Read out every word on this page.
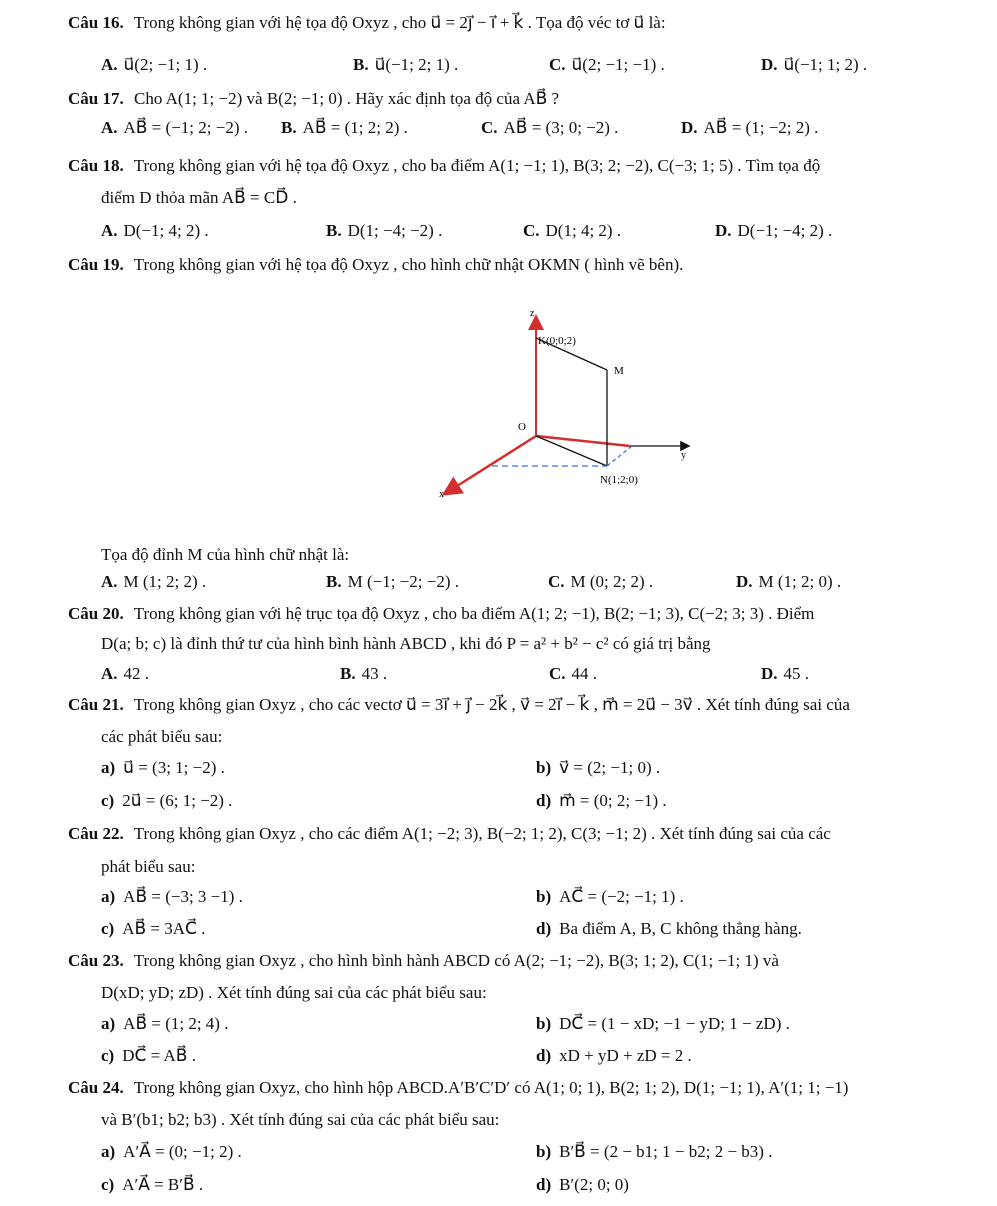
Câu 16. Trong không gian với hệ tọa độ Oxyz , cho u⃗ = 2j⃗ − i⃗ + k⃗ . Tọa độ véc tơ u⃗ là:
A. u⃗(2; −1; 1) .	B. u⃗(−1; 2; 1) .	C. u⃗(2; −1; −1) .	D. u⃗(−1; 1; 2) .
Câu 17. Cho A(1; 1; −2) và B(2; −1; 0) . Hãy xác định tọa độ của AB⃗ ?
A. AB⃗ = (−1; 2; −2) . B. AB⃗ = (1; 2; 2) .	C. AB⃗ = (3; 0; −2) .	D. AB⃗ = (1; −2; 2) .
Câu 18. Trong không gian với hệ tọa độ Oxyz , cho ba điểm A(1; −1; 1), B(3; 2; −2), C(−3; 1; 5) . Tìm tọa độ
điểm D thỏa mãn AB⃗ = CD⃗ .
A. D(−1; 4; 2) .	B. D(1; −4; −2) .	C. D(1; 4; 2) .	D. D(−1; −4; 2) .
Câu 19. Trong không gian với hệ tọa độ Oxyz , cho hình chữ nhật OKMN ( hình vẽ bên).
z
K(0;0;2)
M
O
y
N(1;2;0)
x
Tọa độ đỉnh M của hình chữ nhật là:
A. M (1; 2; 2) .	B. M (−1; −2; −2) .	C. M (0; 2; 2) .	D. M (1; 2; 0) .
Câu 20. Trong không gian với hệ trục tọa độ Oxyz , cho ba điểm A(1; 2; −1), B(2; −1; 3), C(−2; 3; 3) . Điểm
D(a; b; c) là đỉnh thứ tư của hình bình hành ABCD , khi đó P = a² + b² − c² có giá trị bằng
A. 42 .	B. 43 .	C. 44 .	D. 45 .
Câu 21. Trong không gian Oxyz , cho các vectơ u⃗ = 3i⃗ + j⃗ − 2k⃗ , v⃗ = 2i⃗ − k⃗ , m⃗ = 2u⃗ − 3v⃗ . Xét tính đúng sai của
các phát biểu sau:
a) u⃗ = (3; 1; −2) .	b) v⃗ = (2; −1; 0) .
c) 2u⃗ = (6; 1; −2) .	d) m⃗ = (0; 2; −1) .
Câu 22. Trong không gian Oxyz , cho các điểm A(1; −2; 3), B(−2; 1; 2), C(3; −1; 2) . Xét tính đúng sai của các
phát biểu sau:
a) AB⃗ = (−3; 3 −1) .	b) AC⃗ = (−2; −1; 1) .
c) AB⃗ = 3AC⃗ .	d) Ba điểm A, B, C không thẳng hàng.
Câu 23. Trong không gian Oxyz , cho hình bình hành ABCD có A(2; −1; −2), B(3; 1; 2), C(1; −1; 1) và
D(xD; yD; zD) . Xét tính đúng sai của các phát biểu sau:
a) AB⃗ = (1; 2; 4) .	b) DC⃗ = (1 − xD; −1 − yD; 1 − zD) .
c) DC⃗ = AB⃗ .	d) xD + yD + zD = 2 .
Câu 24. Trong không gian Oxyz, cho hình hộp ABCD.A′B′C′D′ có A(1; 0; 1), B(2; 1; 2), D(1; −1; 1), A′(1; 1; −1)
và B′(b1; b2; b3) . Xét tính đúng sai của các phát biểu sau:
a) A′A⃗ = (0; −1; 2) .	b) B′B⃗ = (2 − b1; 1 − b2; 2 − b3) .
c) A′A⃗ = B′B⃗ .	d) B′(2; 0; 0)
